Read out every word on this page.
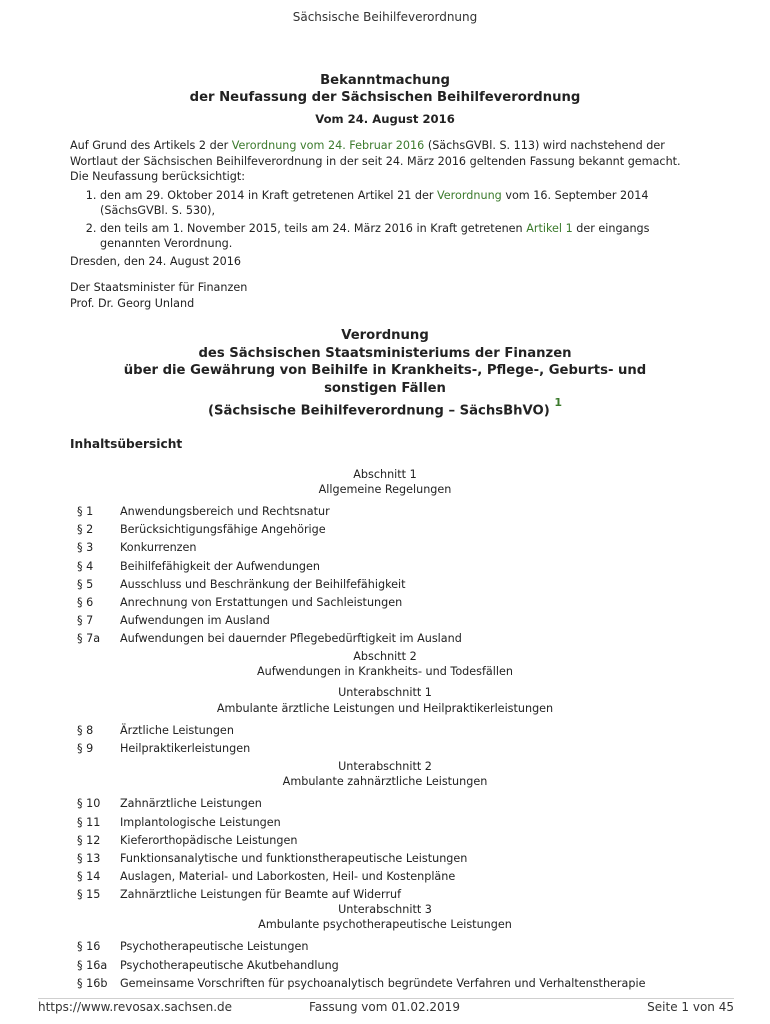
Sächsische Beihilfeverordnung
Bekanntmachung
der Neufassung der Sächsischen Beihilfeverordnung
Vom 24. August 2016

Auf Grund des Artikels 2 der Verordnung vom 24. Februar 2016 (SächsGVBl. S. 113) wird nachstehend der Wortlaut der Sächsischen Beihilfeverordnung in der seit 24. März 2016 geltenden Fassung bekannt gemacht. Die Neufassung berücksichtigt:

1. den am 29. Oktober 2014 in Kraft getretenen Artikel 21 der Verordnung vom 16. September 2014 (SächsGVBl. S. 530),
2. den teils am 1. November 2015, teils am 24. März 2016 in Kraft getretenen Artikel 1 der eingangs genannten Verordnung.

Dresden, den 24. August 2016

Der Staatsminister für Finanzen

Prof. Dr. Georg Unland

Verordnung
des Sächsischen Staatsministeriums der Finanzen
über die Gewährung von Beihilfe in Krankheits-, Pflege-, Geburts- und
sonstigen Fällen
(Sächsische Beihilfeverordnung – SächsBhVO) $^1$
Inhaltsübersicht
Abschnitt 1
Allgemeine Regelungen
§ 1	Anwendungsbereich und Rechtsnatur
§ 2	Berücksichtigungsfähige Angehörige
§ 3	Konkurrenzen
§ 4	Beihilfefähigkeit der Aufwendungen
§ 5	Ausschluss und Beschränkung der Beihilfefähigkeit
§ 6	Anrechnung von Erstattungen und Sachleistungen
§ 7	Aufwendungen im Ausland
§ 7a	Aufwendungen bei dauernder Pflegebedürftigkeit im Ausland
Abschnitt 2
Aufwendungen in Krankheits- und Todesfällen
Unterabschnitt 1
Ambulante ärztliche Leistungen und Heilpraktikerleistungen
§ 8	Ärztliche Leistungen
§ 9	Heilpraktikerleistungen
Unterabschnitt 2
Ambulante zahnärztliche Leistungen
§ 10	Zahnärztliche Leistungen
§ 11	Implantologische Leistungen
§ 12	Kieferorthopädische Leistungen
§ 13	Funktionsanalytische und funktionstherapeutische Leistungen
§ 14	Auslagen, Material- und Laborkosten, Heil- und Kostenpläne
§ 15	Zahnärztliche Leistungen für Beamte auf Widerruf
Unterabschnitt 3
Ambulante psychotherapeutische Leistungen
§ 16	Psychotherapeutische Leistungen
§ 16a	Psychotherapeutische Akutbehandlung
§ 16b	Gemeinsame Vorschriften für psychoanalytisch begründete Verfahren und Verhaltenstherapie
https://www.revosax.sachsen.de	Fassung vom 01.02.2019	Seite 1 von 45
